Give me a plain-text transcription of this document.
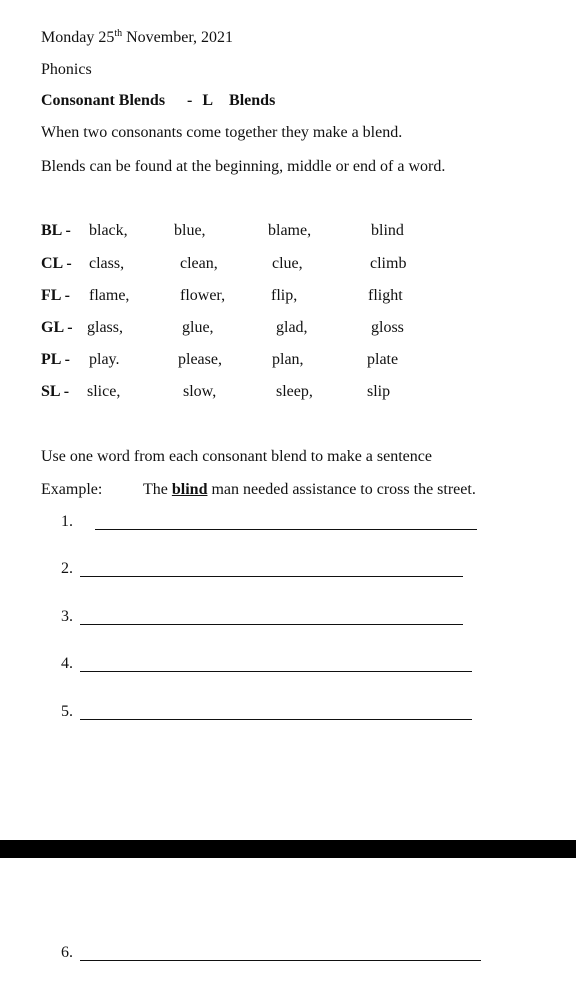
Monday 25th November, 2021
Phonics
Consonant Blends - L Blends
When two consonants come together they make a blend.
Blends can be found at the beginning, middle or end of a word.
BL - black,	blue,	blame,	blind
CL - class,	clean,	clue,	climb
FL - flame,	flower,	flip,	flight
GL - glass,	glue,	glad,	gloss
PL - play.	please,	plan,	plate
SL - slice,	slow,	sleep,	slip
Use one word from each consonant blend to make a sentence
Example:	The blind man needed assistance to cross the street.
1.
2.
3.
4.
5.
6.
